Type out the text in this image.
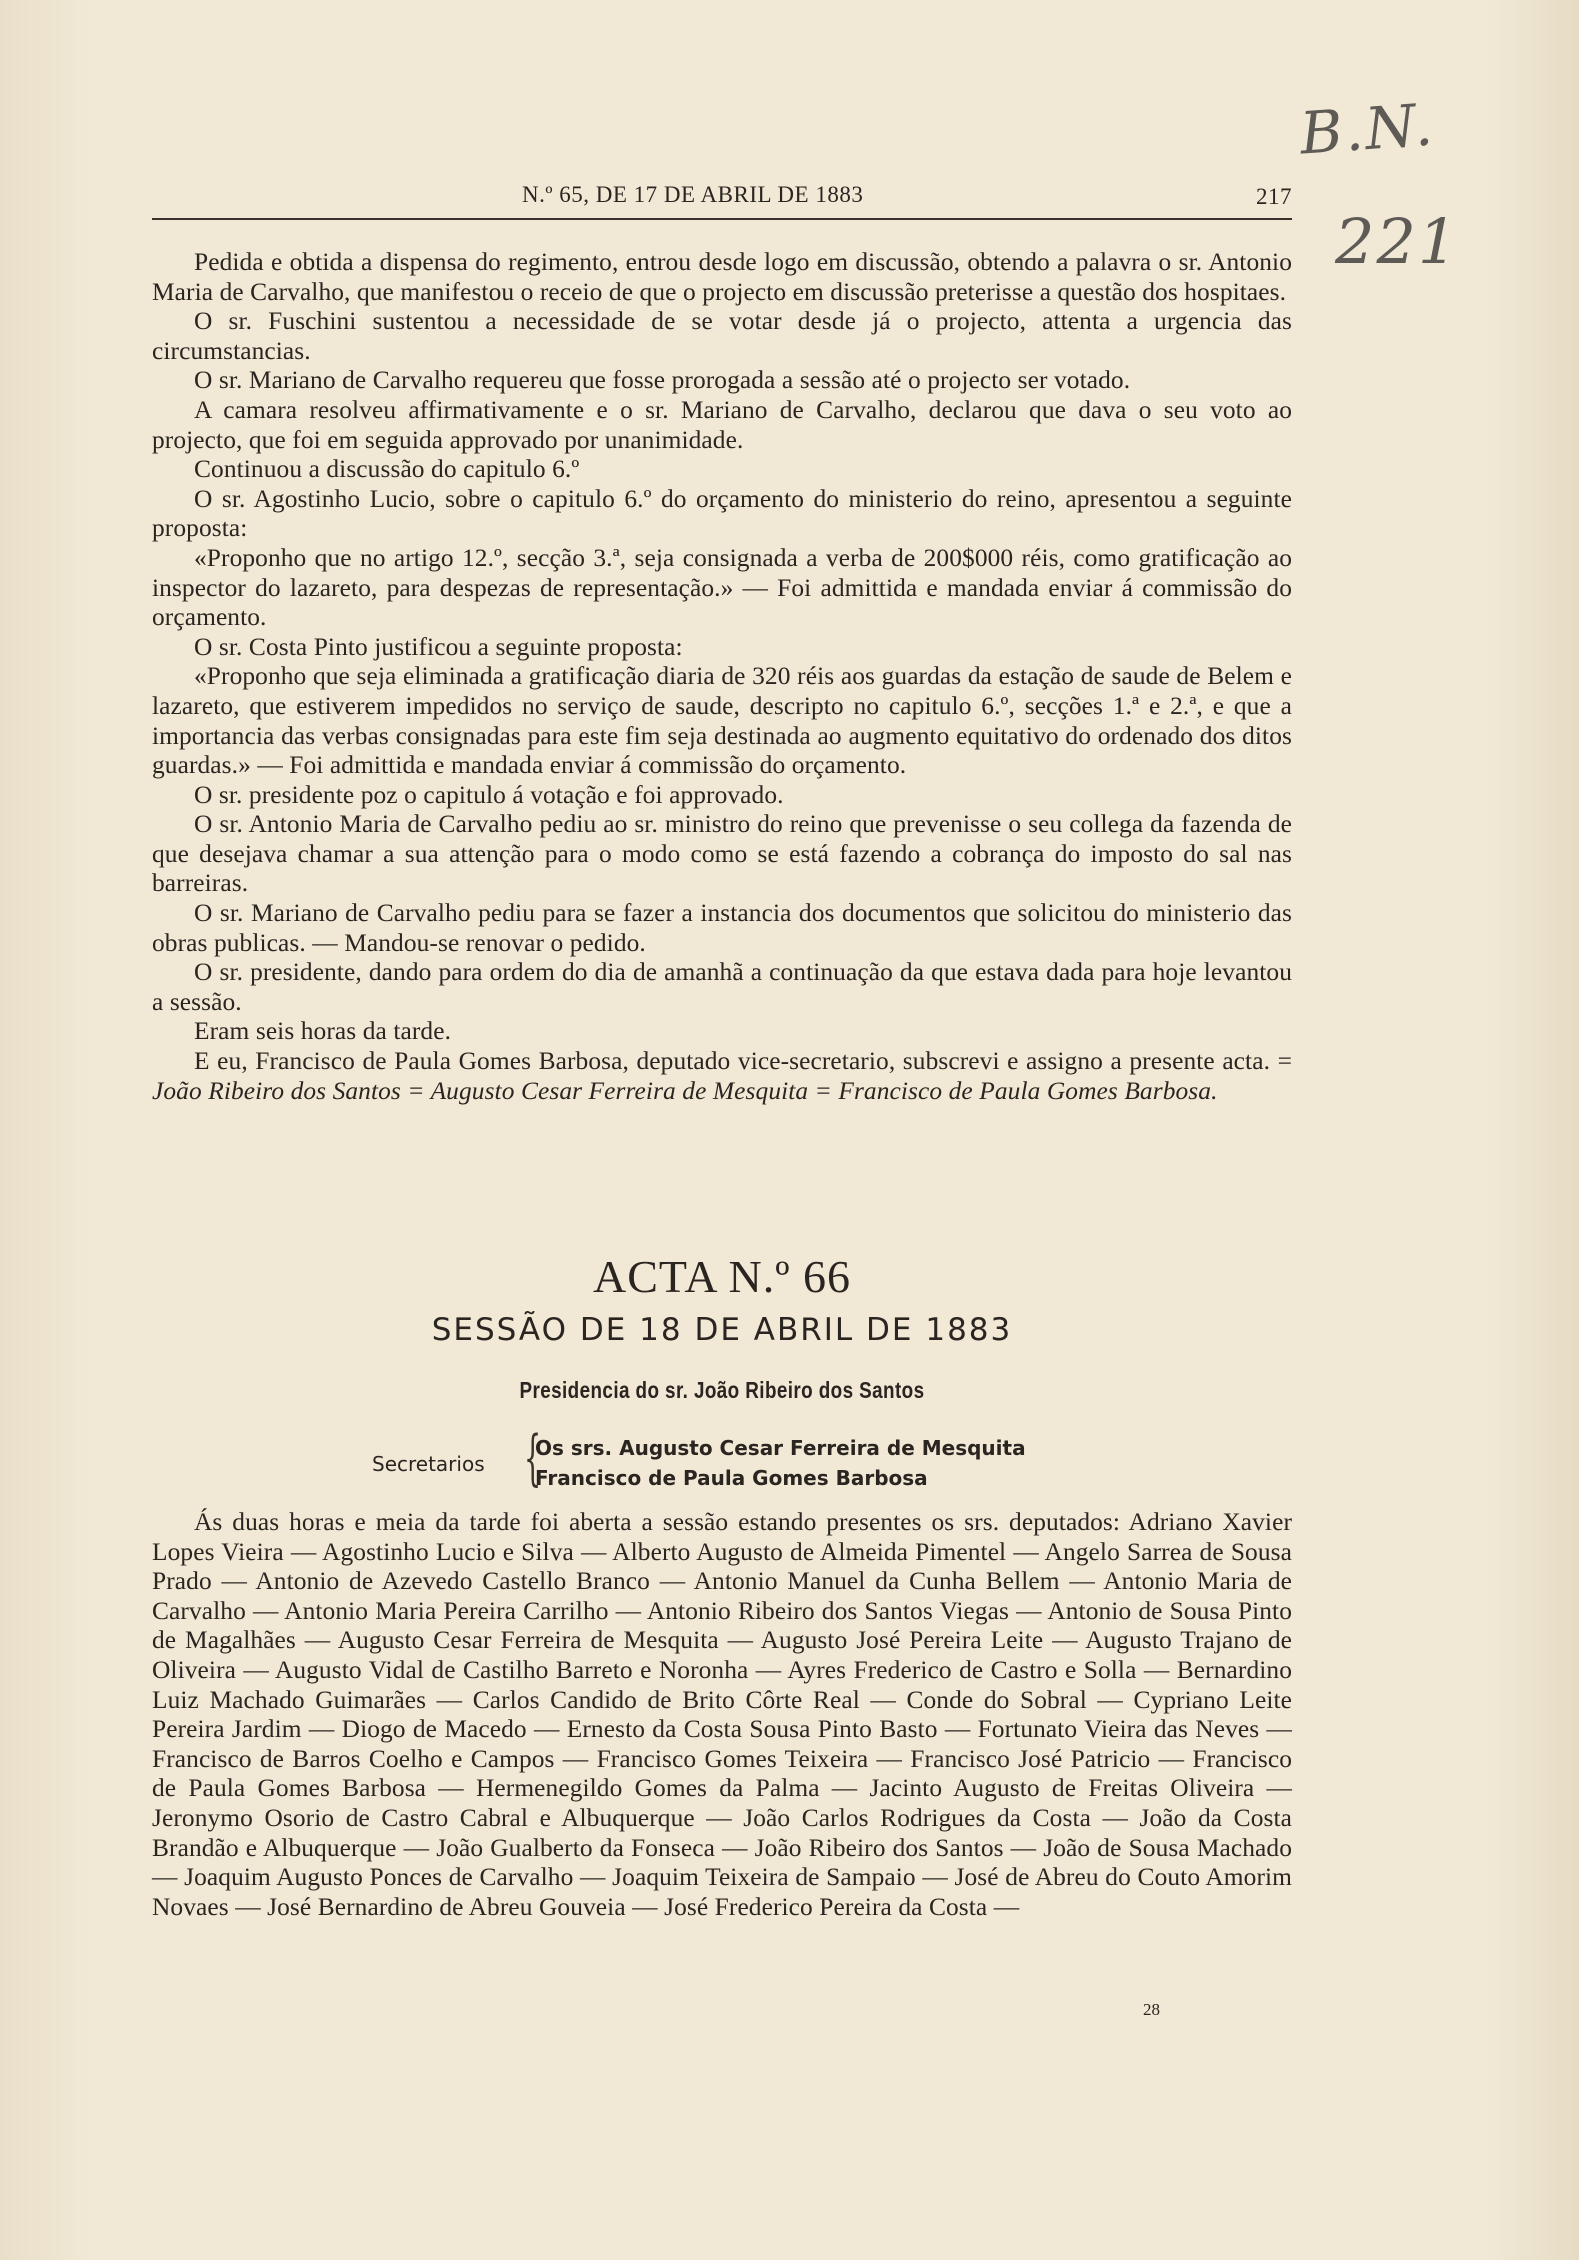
B.N.
221
N.º 65, DE 17 DE ABRIL DE 1883	217

Pedida e obtida a dispensa do regimento, entrou desde logo em discussão, obtendo a palavra o sr. Antonio Maria de Carvalho, que manifestou o receio de que o projecto em discussão preterisse a questão dos hospitaes.

O sr. Fuschini sustentou a necessidade de se votar desde já o projecto, attenta a urgencia das circumstancias.

O sr. Mariano de Carvalho requereu que fosse prorogada a sessão até o projecto ser votado.

A camara resolveu affirmativamente e o sr. Mariano de Carvalho, declarou que dava o seu voto ao projecto, que foi em seguida approvado por unanimidade.

Continuou a discussão do capitulo 6.º

O sr. Agostinho Lucio, sobre o capitulo 6.º do orçamento do ministerio do reino, apresentou a seguinte proposta:

«Proponho que no artigo 12.º, secção 3.ª, seja consignada a verba de 200$000 réis, como gratificação ao inspector do lazareto, para despezas de representação.» — Foi admittida e mandada enviar á commissão do orçamento.

O sr. Costa Pinto justificou a seguinte proposta:

«Proponho que seja eliminada a gratificação diaria de 320 réis aos guardas da estação de saude de Belem e lazareto, que estiverem impedidos no serviço de saude, descripto no capitulo 6.º, secções 1.ª e 2.ª, e que a importancia das verbas consignadas para este fim seja destinada ao augmento equitativo do ordenado dos ditos guardas.» — Foi admittida e mandada enviar á commissão do orçamento.

O sr. presidente poz o capitulo á votação e foi approvado.

O sr. Antonio Maria de Carvalho pediu ao sr. ministro do reino que prevenisse o seu collega da fazenda de que desejava chamar a sua attenção para o modo como se está fazendo a cobrança do imposto do sal nas barreiras.

O sr. Mariano de Carvalho pediu para se fazer a instancia dos documentos que solicitou do ministerio das obras publicas. — Mandou-se renovar o pedido.

O sr. presidente, dando para ordem do dia de amanhã a continuação da que estava dada para hoje levantou a sessão.

Eram seis horas da tarde.

E eu, Francisco de Paula Gomes Barbosa, deputado vice-secretario, subscrevi e assigno a presente acta. = João Ribeiro dos Santos = Augusto Cesar Ferreira de Mesquita = Francisco de Paula Gomes Barbosa.

ACTA N.º 66
SESSÃO DE 18 DE ABRIL DE 1883
Presidencia do sr. João Ribeiro dos Santos
Secretarios {
Os srs. Augusto Cesar Ferreira de Mesquita
Francisco de Paula Gomes Barbosa

Ás duas horas e meia da tarde foi aberta a sessão estando presentes os srs. deputados: Adriano Xavier Lopes Vieira — Agostinho Lucio e Silva — Alberto Augusto de Almeida Pimentel — Angelo Sarrea de Sousa Prado — Antonio de Azevedo Castello Branco — Antonio Manuel da Cunha Bellem — Antonio Maria de Carvalho — Antonio Maria Pereira Carrilho — Antonio Ribeiro dos Santos Viegas — Antonio de Sousa Pinto de Magalhães — Augusto Cesar Ferreira de Mesquita — Augusto José Pereira Leite — Augusto Trajano de Oliveira — Augusto Vidal de Castilho Barreto e Noronha — Ayres Frederico de Castro e Solla — Bernardino Luiz Machado Guimarães — Carlos Candido de Brito Côrte Real — Conde do Sobral — Cypriano Leite Pereira Jardim — Diogo de Macedo — Ernesto da Costa Sousa Pinto Basto — Fortunato Vieira das Neves — Francisco de Barros Coelho e Campos — Francisco Gomes Teixeira — Francisco José Patricio — Francisco de Paula Gomes Barbosa — Hermenegildo Gomes da Palma — Jacinto Augusto de Freitas Oliveira — Jeronymo Osorio de Castro Cabral e Albuquerque — João Carlos Rodrigues da Costa — João da Costa Brandão e Albuquerque — João Gualberto da Fonseca — João Ribeiro dos Santos — João de Sousa Machado — Joaquim Augusto Ponces de Carvalho — Joaquim Teixeira de Sampaio — José de Abreu do Couto Amorim Novaes — José Bernardino de Abreu Gouveia — José Frederico Pereira da Costa —

28
